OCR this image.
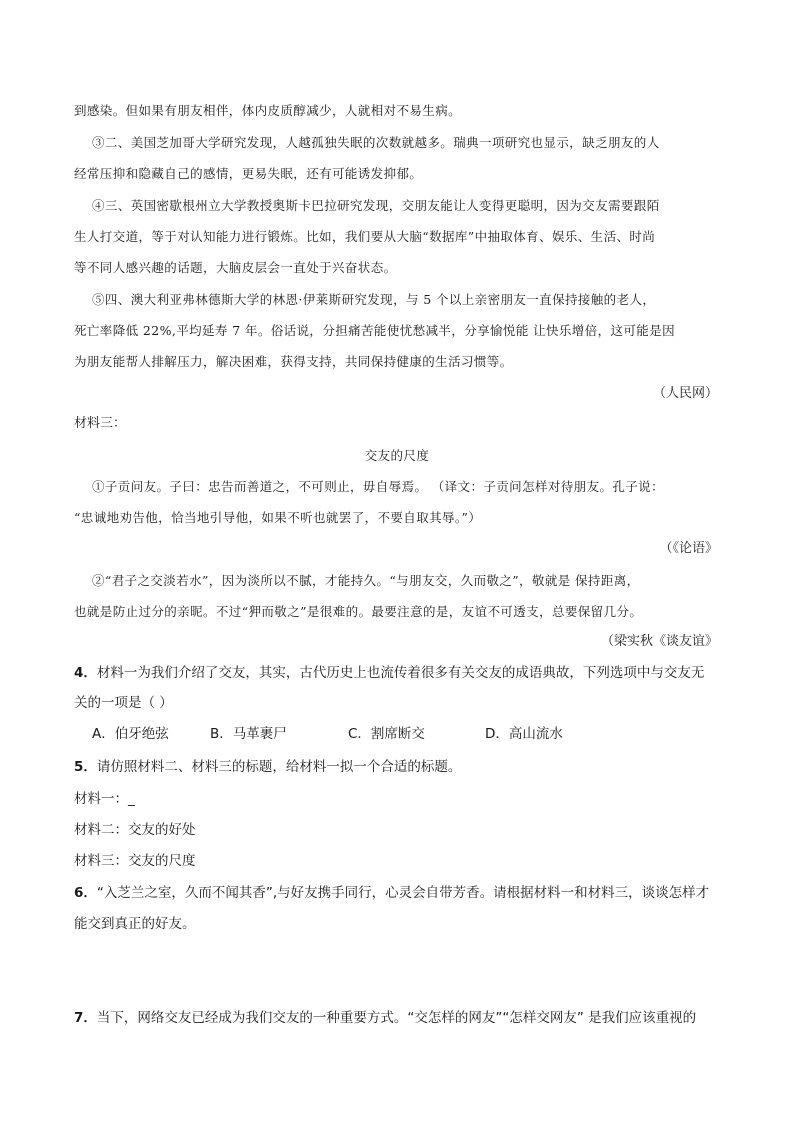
到感染。但如果有朋友相伴，体内皮质醇减少，人就相对不易生病。
③二、美国芝加哥大学研究发现，人越孤独失眠的次数就越多。瑞典一项研究也显示，缺乏朋友的人
经常压抑和隐藏自己的感情，更易失眠，还有可能诱发抑郁。
④三、英国密歇根州立大学教授奥斯卡巴拉研究发现，交朋友能让人变得更聪明，因为交友需要跟陌
生人打交道，等于对认知能力进行锻炼。比如，我们要从大脑“数据库”中抽取体育、娱乐、生活、时尚
等不同人感兴趣的话题，大脑皮层会一直处于兴奋状态。
⑤四、澳大利亚弗林德斯大学的林恩·伊莱斯研究发现，与 5 个以上亲密朋友一直保持接触的老人，
死亡率降低 22%,平均延寿 7 年。俗话说，分担痛苦能使忧愁减半，分享愉悦能 让快乐增倍，这可能是因
为朋友能帮人排解压力，解决困难，获得支持，共同保持健康的生活习惯等。
（人民网）
材料三：
交友的尺度
①子贡问友。子曰：忠告而善道之，不可则止，毋自辱焉。 （译文：子贡问怎样对待朋友。孔子说：
“忠诚地劝告他，恰当地引导他，如果不听也就罢了，不要自取其辱。”）
（《论语》
②“君子之交淡若水”，因为淡所以不腻，才能持久。“与朋友交，久而敬之”，敬就是 保持距离，
也就是防止过分的亲昵。不过“狎而敬之”是很难的。最要注意的是，友谊不可透支，总要保留几分。
（梁实秋《谈友谊》
4．材料一为我们介绍了交友，其实，古代历史上也流传着很多有关交友的成语典故，下列选项中与交友无
关的一项是（ ）
A．伯牙绝弦	B．马革裹尸	C．割席断交	D．高山流水
5．请仿照材料二、材料三的标题，给材料一拟一个合适的标题。
材料一：_
材料二：交友的好处
材料三：交友的尺度
6．“入芝兰之室，久而不闻其香”,与好友携手同行，心灵会自带芳香。请根据材料一和材料三，谈谈怎样才
能交到真正的好友。
7．当下，网络交友已经成为我们交友的一种重要方式。“交怎样的网友”“怎样交网友” 是我们应该重视的
